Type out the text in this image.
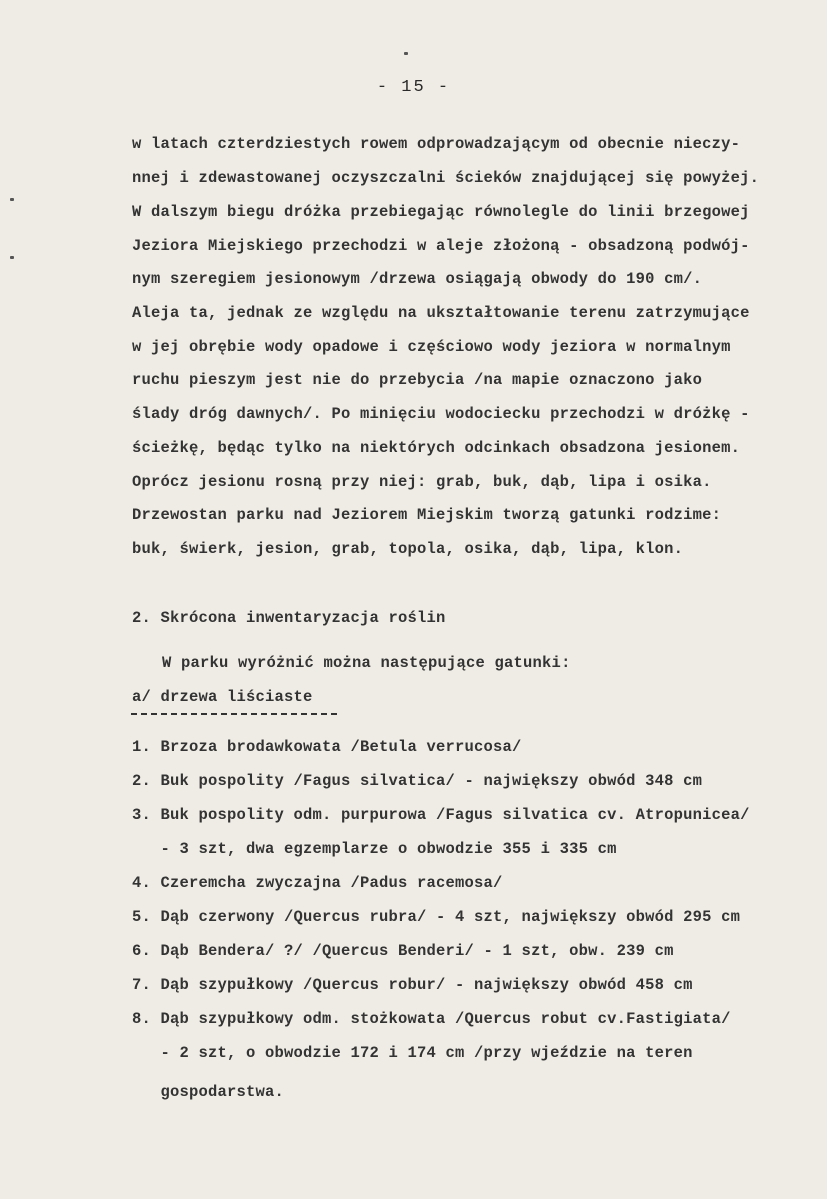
- 15 -
w latach czterdziestych rowem odprowadzającym od obecnie nieczy-
nnej i zdewastowanej oczyszczalni ścieków znajdującej się powyżej.
W dalszym biegu dróżka przebiegając równolegle do linii brzegowej
Jeziora Miejskiego przechodzi w aleje złożoną - obsadzoną podwój-
nym szeregiem jesionowym /drzewa osiągają obwody do 190 cm/.
Aleja ta, jednak ze względu na ukształtowanie terenu zatrzymujące
w jej obrębie wody opadowe i częściowo wody jeziora w normalnym
ruchu pieszym jest nie do przebycia /na mapie oznaczono jako
ślady dróg dawnych/. Po minięciu wodociecku przechodzi w dróżkę -
ścieżkę, będąc tylko na niektórych odcinkach obsadzona jesionem.
Oprócz jesionu rosną przy niej: grab, buk, dąb, lipa i osika.
Drzewostan parku nad Jeziorem Miejskim tworzą gatunki rodzime:
buk, świerk, jesion, grab, topola, osika, dąb, lipa, klon.
2. Skrócona inwentaryzacja roślin
W parku wyróżnić można następujące gatunki:
a/ drzewa liściaste
1. Brzoza brodawkowata /Betula verrucosa/
2. Buk pospolity /Fagus silvatica/ - największy obwód 348 cm
3. Buk pospolity odm. purpurowa /Fagus silvatica cv. Atropunicea/
- 3 szt, dwa egzemplarze o obwodzie 355 i 335 cm
4. Czeremcha zwyczajna /Padus racemosa/
5. Dąb czerwony /Quercus rubra/ - 4 szt, największy obwód 295 cm
6. Dąb Bendera/ ?/ /Quercus Benderi/ - 1 szt, obw. 239 cm
7. Dąb szypułkowy /Quercus robur/ - największy obwód 458 cm
8. Dąb szypułkowy odm. stożkowata /Quercus robut cv.Fastigiata/
- 2 szt, o obwodzie 172 i 174 cm /przy wjeździe na teren
gospodarstwa.
